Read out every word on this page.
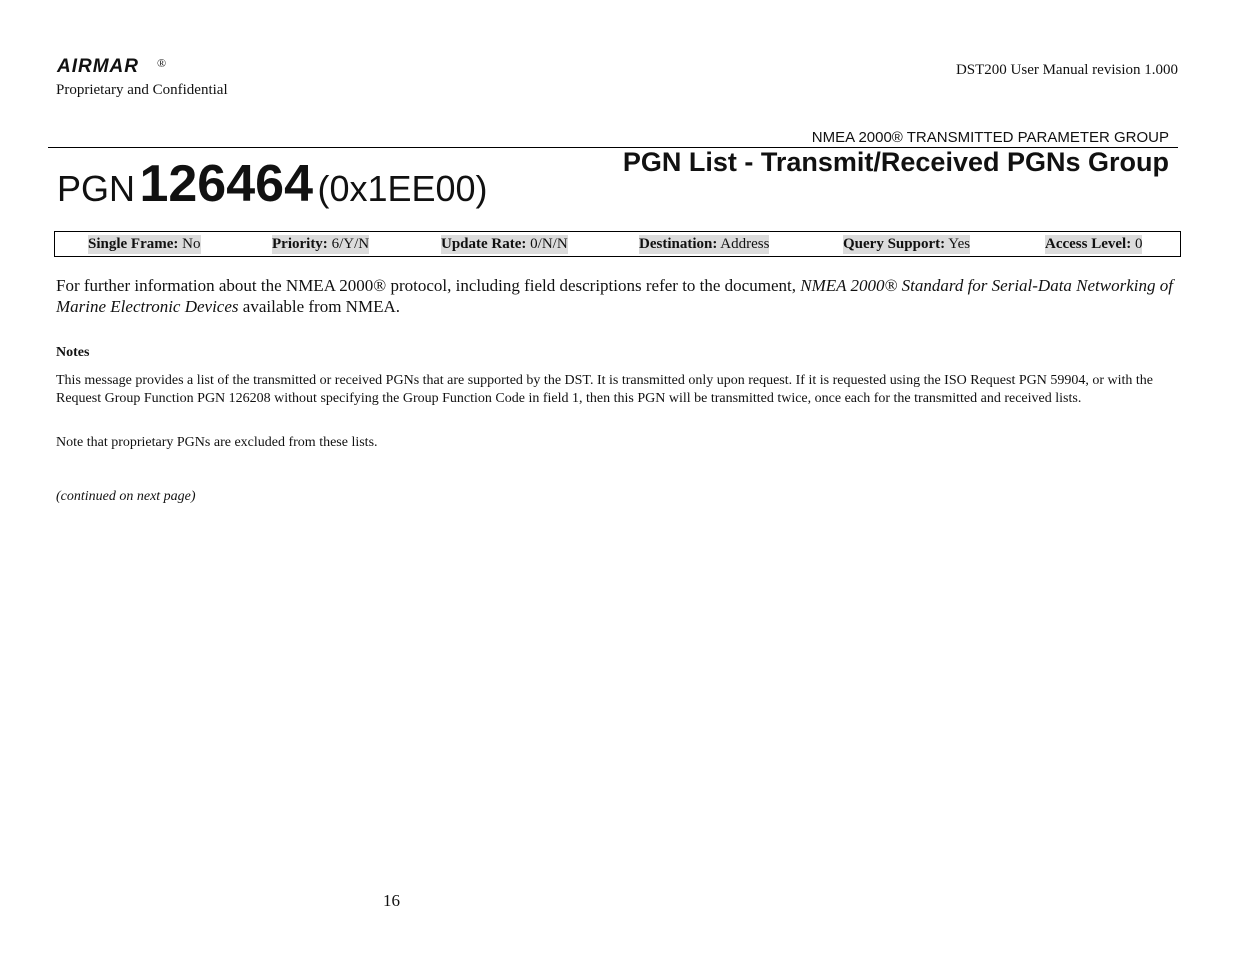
AIRMAR ®
Proprietary and Confidential
DST200 User Manual revision 1.000
NMEA 2000® TRANSMITTED PARAMETER GROUP
PGN 126464 (0x1EE00)
PGN List - Transmit/Received PGNs Group
Single Frame: No	Priority: 6/Y/N	Update Rate: 0/N/N	Destination: Address	Query Support: Yes	Access Level: 0
For further information about the NMEA 2000® protocol, including field descriptions refer to the document, NMEA 2000® Standard for Serial-Data Networking of Marine Electronic Devices available from NMEA.
Notes
This message provides a list of the transmitted or received PGNs that are supported by the DST. It is transmitted only upon request. If it is requested using the ISO Request PGN 59904, or with the Request Group Function PGN 126208 without specifying the Group Function Code in field 1, then this PGN will be transmitted twice, once each for the transmitted and received lists.
Note that proprietary PGNs are excluded from these lists.
(continued on next page)
16
